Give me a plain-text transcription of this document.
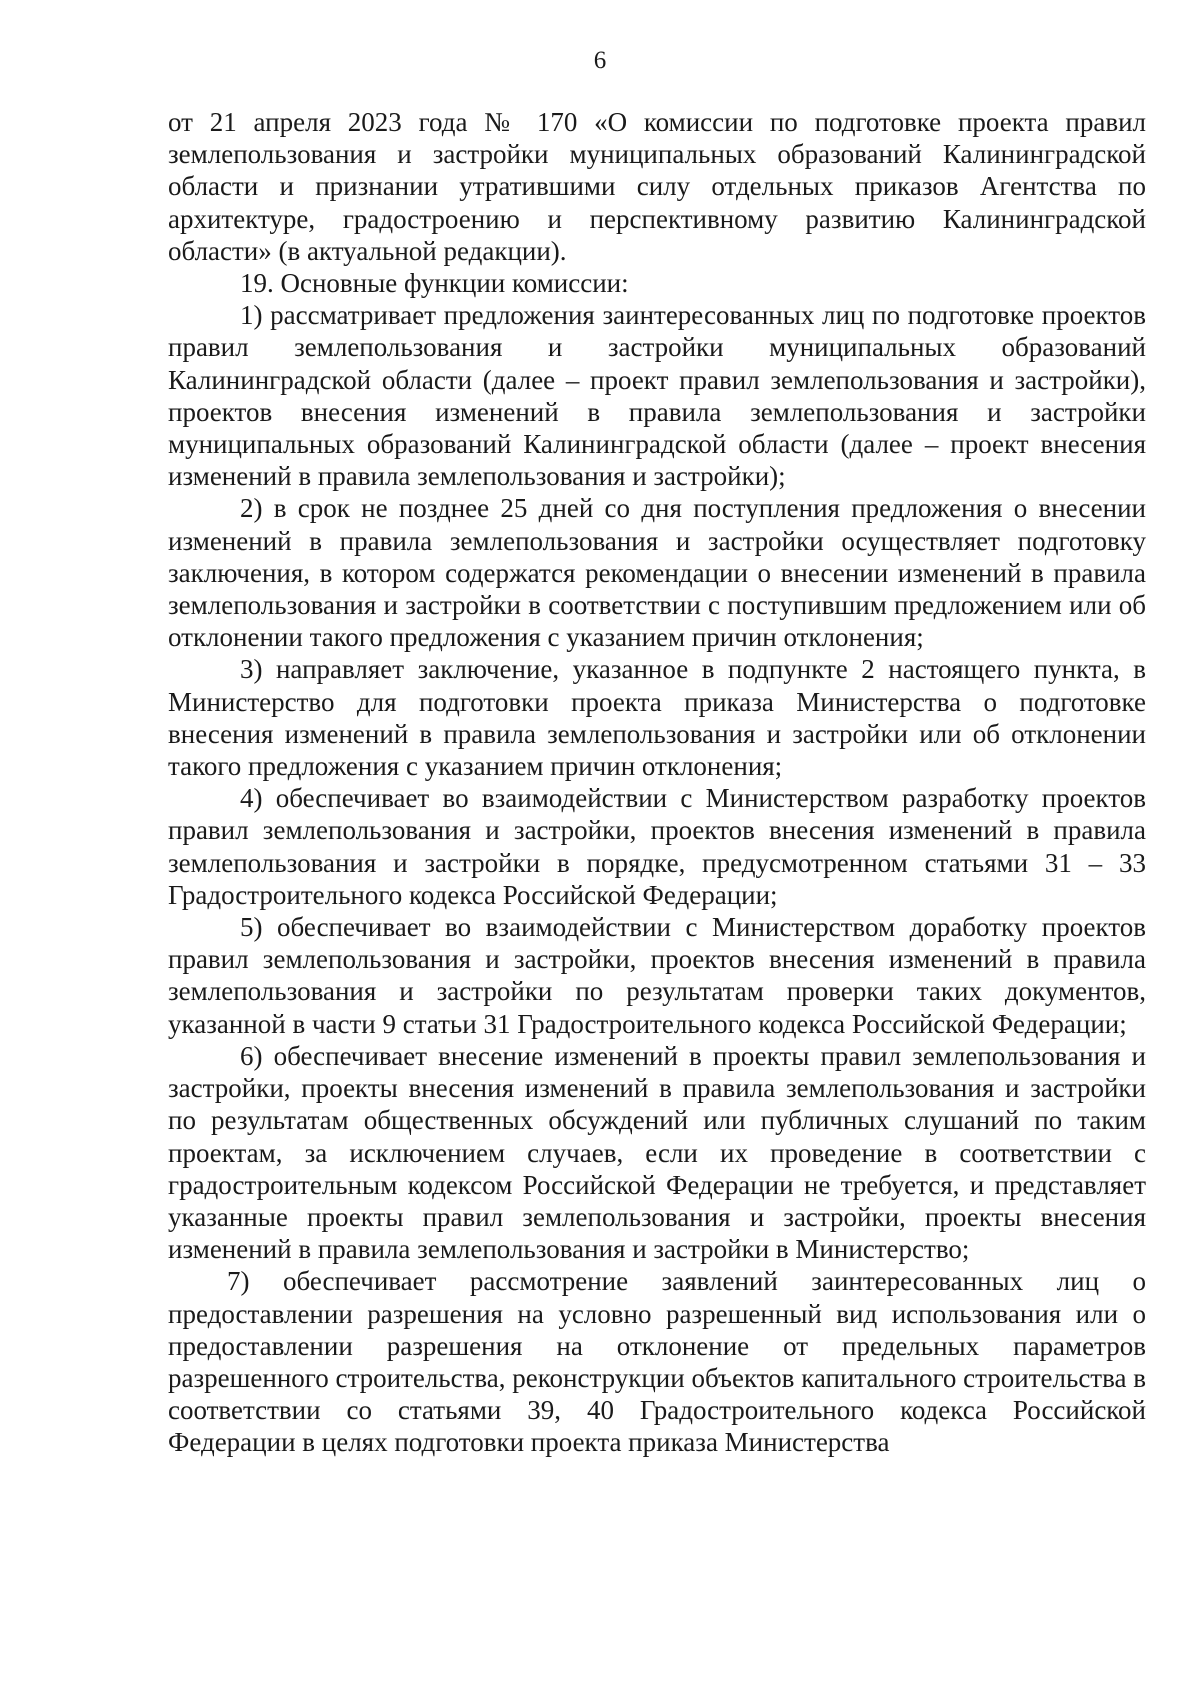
6

от 21 апреля 2023 года № 170 «О комиссии по подготовке проекта правил землепользования и застройки муниципальных образований Калининградской области и признании утратившими силу отдельных приказов Агентства по архитектуре, градостроению и перспективному развитию Калининградской области» (в актуальной редакции).

19. Основные функции комиссии:

1) рассматривает предложения заинтересованных лиц по подготовке проектов правил землепользования и застройки муниципальных образований Калининградской области (далее – проект правил землепользования и застройки), проектов внесения изменений в правила землепользования и застройки муниципальных образований Калининградской области (далее – проект внесения изменений в правила землепользования и застройки);

2) в срок не позднее 25 дней со дня поступления предложения о внесении изменений в правила землепользования и застройки осуществляет подготовку заключения, в котором содержатся рекомендации о внесении изменений в правила землепользования и застройки в соответствии с поступившим предложением или об отклонении такого предложения с указанием причин отклонения;

3) направляет заключение, указанное в подпункте 2 настоящего пункта, в Министерство для подготовки проекта приказа Министерства о подготовке внесения изменений в правила землепользования и застройки или об отклонении такого предложения с указанием причин отклонения;

4) обеспечивает во взаимодействии с Министерством разработку проектов правил землепользования и застройки, проектов внесения изменений в правила землепользования и застройки в порядке, предусмотренном статьями 31 – 33 Градостроительного кодекса Российской Федерации;

5) обеспечивает во взаимодействии с Министерством доработку проектов правил землепользования и застройки, проектов внесения изменений в правила землепользования и застройки по результатам проверки таких документов, указанной в части 9 статьи 31 Градостроительного кодекса Российской Федерации;

6) обеспечивает внесение изменений в проекты правил землепользования и застройки, проекты внесения изменений в правила землепользования и застройки по результатам общественных обсуждений или публичных слушаний по таким проектам, за исключением случаев, если их проведение в соответствии с градостроительным кодексом Российской Федерации не требуется, и представляет указанные проекты правил землепользования и застройки, проекты внесения изменений в правила землепользования и застройки в Министерство;

7) обеспечивает рассмотрение заявлений заинтересованных лиц о предоставлении разрешения на условно разрешенный вид использования или о предоставлении разрешения на отклонение от предельных параметров разрешенного строительства, реконструкции объектов капитального строительства в соответствии со статьями 39, 40 Градостроительного кодекса Российской Федерации в целях подготовки проекта приказа Министерства
